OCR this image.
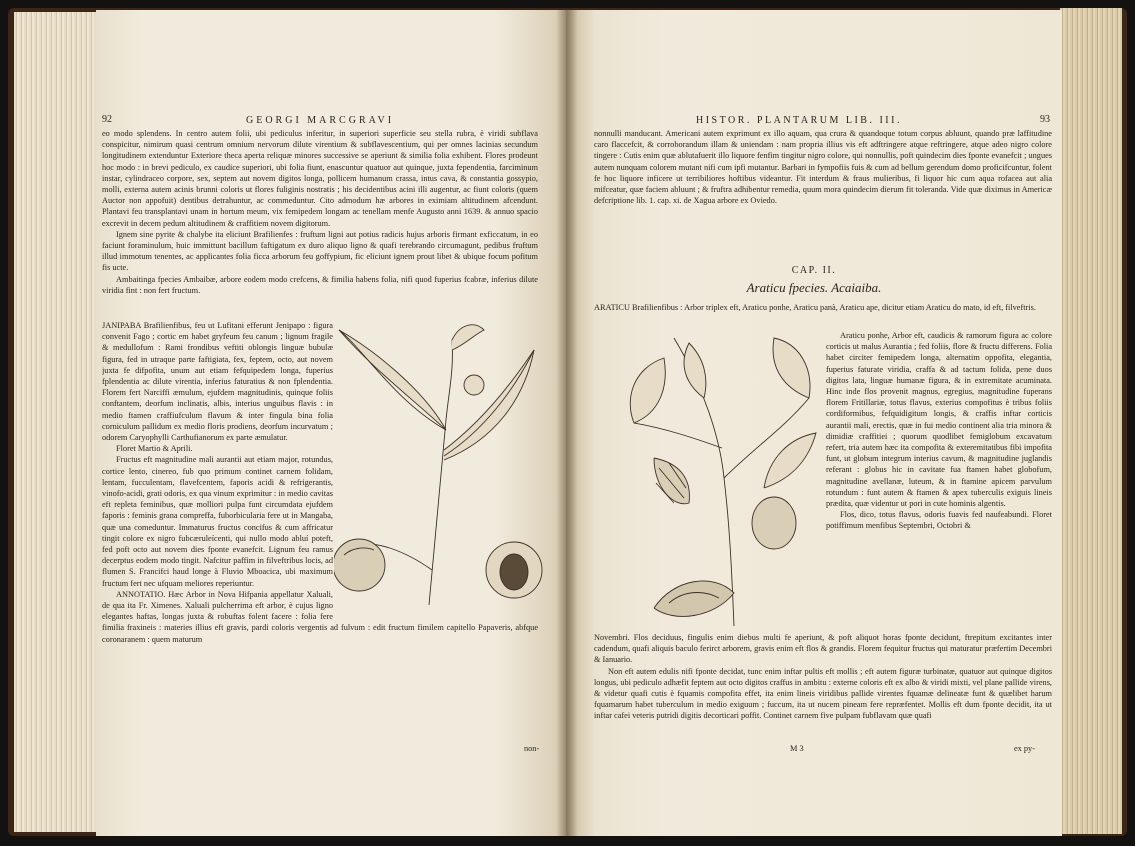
92	GEORGI MARCGRAVI

eo modo splendens. In centro autem folii, ubi pediculus inferitur, in superiori superficie seu stella rubra, è viridi subflava conspicitur, nimirum quasi centrum omnium nervorum dilute virentium & subflavescentium, qui per omnes lacinias secundum longitudinem extenduntur Exteriore theca aperta reliquæ minores successive se aperiunt & similia folia exhibent. Flores prodeunt hoc modo : in brevi pediculo, ex caudice superiori, ubi folia fiunt, enascuntur quatuor aut quinque, juxta fependentia, farciminum instar, cylindraceo corpore, sex, septem aut novem digitos longa, pollicem humanum crassa, intus cava, & constantia gossypio, molli, externa autem acinis brunni coloris ut flores fuliginis nostratis ; his decidentibus acini illi augentur, ac fiunt coloris (quem Auctor non appofuit) dentibus detrahuntur, ac commeduntur. Cito admodum hæ arbores in eximiam altitudinem afcendunt. Plantavi feu transplantavi unam in hortum meum, vix femipedem longam ac tenellam menfe Augusto anni 1639. & annuo spacio excrevit in decem pedum altitudinem & craffitiem novem digitorum.

Ignem sine pyrite & chalybe ita eliciunt Brafilienfes : fruftum ligni aut potius radicis hujus arboris firmant exficcatum, in eo faciunt foraminulum, huic immittunt bacillum faftigatum ex duro aliquo ligno & quafi terebrando circumagunt, pedibus fruftum illud immotum tenentes, ac applicantes folia ficca arborum feu goffypium, fic eliciunt ignem prout libet & ubique focum pofitum fis ucte.

Ambaitinga fpecies Ambaibæ, arbore eodem modo crefcens, & fimilia habens folia, nifi quod fuperius fcabræ, inferius dilute viridia fint : non fert fructum.

JANIPABA Brafilienfibus, feu ut Lufitani efferunt Jenipapo : figura convenit Fago ; cortic em habet gryfeum feu canum ; lignum fragile & medullofum : Rami frondibus veftiti oblongis linguæ bubulæ figura, fed in utraque parte faftigiata, fex, feptem, octo, aut novem juxta fe difpofita, unum aut etiam fefquipedem longa, fuperius fplendentia ac dilute virentia, inferius faturatius & non fplendentia. Florem fert Narciffi æmulum, ejufdem magnitudinis, quinque foliis conftantem, deorfum inclinatis, albis, interius unguibus flavis : in medio ftamen craffiufculum flavum & inter fingula bina folia corniculum pallidum ex medio floris prodiens, deorfum incurvatum ; odorem Caryophylli Carthufianorum ex parte æmulatur.

Floret Martio & Aprili.

Fructus eft magnitudine mali aurantii aut etiam major, rotundus, cortice lento, cinereo, fub quo primum continet carnem folidam, lentam, fucculentam, flavefcentem, faporis acidi & refrigerantis, vinofo-acidi, grati odoris, ex qua vinum exprimitur : in medio cavitas eft repleta feminibus, quæ molliori pulpa funt circumdata ejufdem faporis : feminis grana compreffa, fuborbicularia fere ut in Mangaba, quæ una comeduntur. Immaturus fructus concifus & cum affricatur tingit colore ex nigro fubcæruleícenti, qui nullo modo abluí poteft, fed poft octo aut novem dies fponte evanefcit. Lignum feu ramus decerptus eodem modo tingit. Nafcitur paffim in filveftribus locis, ad flumen S. Francifci haud longe à Fluvio Mboacica, ubi maximum fructum fert nec ufquam meliores reperiuntur.

ANNOTATIO. Hæc Arbor in Nova Hifpania appellatur Xaluali, de qua ita Fr. Ximenes. Xaluali pulcherrima eft arbor, è cujus ligno elegantes haftas, longas juxta & robuftas folent facere : folia fere fimilia fraxineis : materies illius eft gravis, pardi coloris vergentis ad fulvum : edit fructum fimilem capitello Papaveris, abfque coronaranem : quem maturum

non-
HISTOR. PLANTARUM LIB. III.	93

nonnulli manducant. Americani autem exprimunt ex illo aquam, qua crura & quandoque totum corpus abluunt, quando præ laffitudine caro flaccefcit, & corroborandum illam & uniendam : nam propria illius vis eft adftringere atque reftringere, atque adeo nigro colore tingere : Cutis enim quæ ablutafuerit illo liquore fenfim tingitur nigro colore, qui nonnullis, poft quindecim dies fponte evanefcit ; ungues autem nunquam colorem mutant nifi cum ipfi mutantur. Barbari in fympofiis fuis & cum ad bellum gerendum domo proficifcuntur, folent fe hoc liquore inficere ut terribiliores hoftibus videantur. Fit interdum & fraus mulieribus, fi liquor hic cum aqua rofacea aut alia mifceatur, quæ faciem abluunt ; & fruftra adhibentur remedia, quum mora quindecim dierum fit toleranda. Vide quæ diximus in Americæ defcriptione lib. 1. cap. xi. de Xagua arbore ex Oviedo.

CAP. II.
Araticu fpecies. Acaiaiba.

ARATICU Brafilienfibus : Arbor triplex eft, Araticu ponhe, Araticu panà, Araticu ape, dicitur etiam Araticu do mato, id eft, filveftris.

Araticu ponhe, Arbor eft, caudicis & ramorum figura ac colore corticis ut malus Aurantia ; fed foliis, flore & fructu differens. Folia habet circiter femipedem longa, alternatim oppofita, elegantia, fuperius faturate viridia, craffa & ad tactum folida, pene duos digitos lata, linguæ humanæ figura, & in extremitate acuminata. Hinc inde flos provenit magnus, egregius, magnitudine fuperans florem Fritillariæ, totus flavus, exterius compofitus è tribus foliis cordiformibus, fefquidigitum longis, & craffis inftar corticis aurantii mali, erectis, quæ in fui medio continent alia tria minora & dimidiæ craffitiei ; quorum quodlibet femiglobum excavatum refert, tria autem hæc ita compofita & exteremitatibus fibi impofita funt, ut globum integrum interius cavum, & magnitudine juglandis referant : globus hic in cavitate fua ftamen habet globofum, magnitudine avellanæ, luteum, & in ftamine apicem parvulum rotundum : funt autem & ftamen & apex tuberculis exiguis lineis prædita, quæ videntur ut pori in cute hominis algentis.

Flos, dico, totus flavus, odoris fuavis fed naufeabundi. Floret potiffimum menfibus Septembri, Octobri &

Novembri. Flos deciduus, fingulis enim diebus multi fe aperiunt, & poft aliquot horas fponte decidunt, ftrepitum excitantes inter cadendum, quafi aliquis baculo ferirct arborem, gravis enim eft flos & grandis. Florem fequitur fructus qui maturatur præfertim Decembri & Ianuario.

Non eft autem edulis nifi fponte decidat, tunc enim inftar pultis eft mollis ; eft autem figuræ turbinatæ, quatuor aut quinque digitos longus, ubi pediculo adhæfit feptem aut octo digitos craffus in ambitu : externe coloris eft ex albo & viridi mixti, vel plane pallide virens, & videtur quafi cutis è fquamis compofita effet, ita enim lineis viridibus pallide virentes fquamæ delineatæ funt & quælibet harum fquamarum habet tuberculum in medio exiguum ; fuccum, ita ut nucem pineam fere repræfentet. Mollis eft dum fponte decidit, ita ut inftar cafei veteris putridi digitis decorticari poffit. Continet carnem five pulpam fubflavam quæ quafi

M 3	ex py-
